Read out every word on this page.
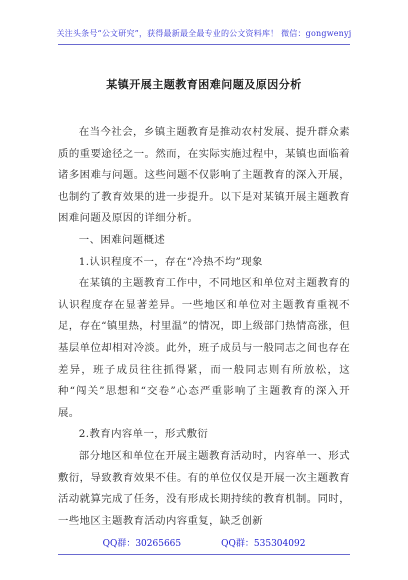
关注头条号“公文研究”，获得最新最全最专业的公文资料库！ 微信：gongwenyj
某镇开展主题教育困难问题及原因分析

在当今社会，乡镇主题教育是推动农村发展、提升群众素质的重要途径之一。然而，在实际实施过程中，某镇也面临着诸多困难与问题。这些问题不仅影响了主题教育的深入开展，也制约了教育效果的进一步提升。以下是对某镇开展主题教育困难问题及原因的详细分析。

一、困难问题概述

1.认识程度不一，存在“冷热不均”现象

在某镇的主题教育工作中，不同地区和单位对主题教育的认识程度存在显著差异。一些地区和单位对主题教育重视不足，存在“镇里热，村里温”的情况，即上级部门热情高涨，但基层单位却相对冷淡。此外，班子成员与一般同志之间也存在差异，班子成员往往抓得紧，而一般同志则有所放松，这种“闯关”思想和“交卷”心态严重影响了主题教育的深入开展。

2.教育内容单一，形式敷衍

部分地区和单位在开展主题教育活动时，内容单一、形式敷衍，导致教育效果不佳。有的单位仅仅是开展一次主题教育活动就算完成了任务，没有形成长期持续的教育机制。同时，一些地区主题教育活动内容重复，缺乏创新

QQ群：30265665	QQ群：535304092
